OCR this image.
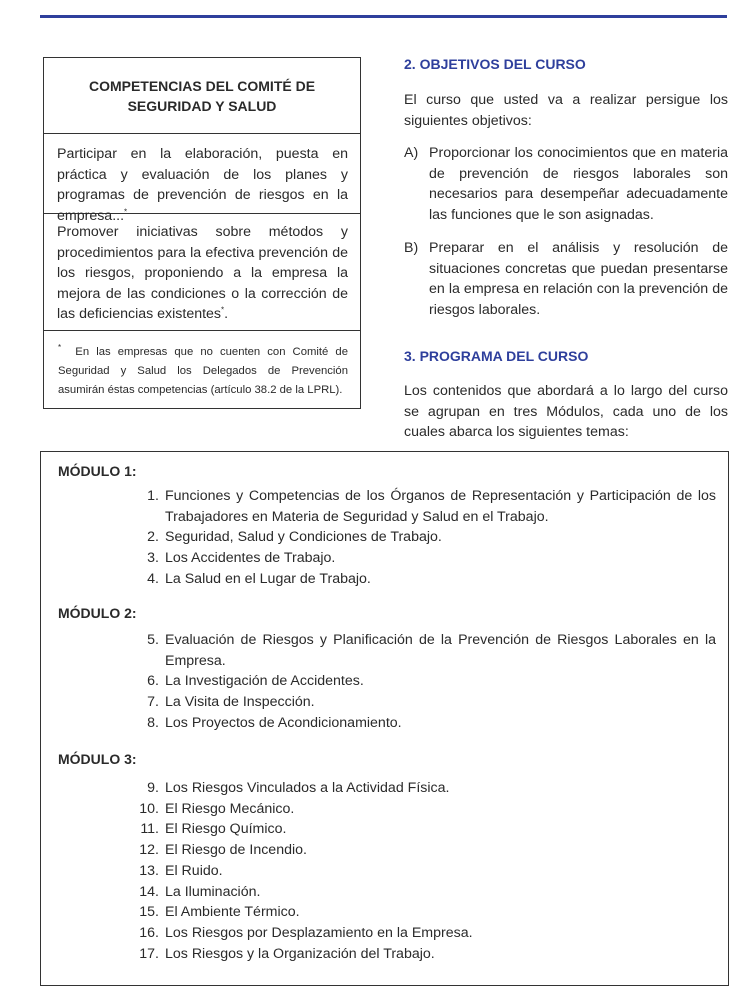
COMPETENCIAS DEL COMITÉ DE
SEGURIDAD Y SALUD
Participar en la elaboración, puesta en práctica y evaluación de los planes y programas de prevención de riesgos en la empresa...*
Promover iniciativas sobre métodos y procedimientos para la efectiva prevención de los riesgos, proponiendo a la empresa la mejora de las condiciones o la corrección de las deficiencias existentes*.
* En las empresas que no cuenten con Comité de Seguridad y Salud los Delegados de Prevención asumirán éstas competencias (artículo 38.2 de la LPRL).
2. OBJETIVOS DEL CURSO

El curso que usted va a realizar persigue los siguientes objetivos:

A) Proporcionar los conocimientos que en materia de prevención de riesgos laborales son necesarios para desempeñar adecuadamente las funciones que le son asignadas.
B) Preparar en el análisis y resolución de situaciones concretas que puedan presentarse en la empresa en relación con la prevención de riesgos laborales.
3. PROGRAMA DEL CURSO

Los contenidos que abordará a lo largo del curso se agrupan en tres Módulos, cada uno de los cuales abarca los siguientes temas:

MÓDULO 1:
1. Funciones y Competencias de los Órganos de Representación y Participación de los Trabajadores en Materia de Seguridad y Salud en el Trabajo.
2. Seguridad, Salud y Condiciones de Trabajo.
3. Los Accidentes de Trabajo.
4. La Salud en el Lugar de Trabajo.
MÓDULO 2:
5. Evaluación de Riesgos y Planificación de la Prevención de Riesgos Laborales en la Empresa.
6. La Investigación de Accidentes.
7. La Visita de Inspección.
8. Los Proyectos de Acondicionamiento.
MÓDULO 3:
9. Los Riesgos Vinculados a la Actividad Física.
10. El Riesgo Mecánico.
11. El Riesgo Químico.
12. El Riesgo de Incendio.
13. El Ruido.
14. La Iluminación.
15. El Ambiente Térmico.
16. Los Riesgos por Desplazamiento en la Empresa.
17. Los Riesgos y la Organización del Trabajo.
